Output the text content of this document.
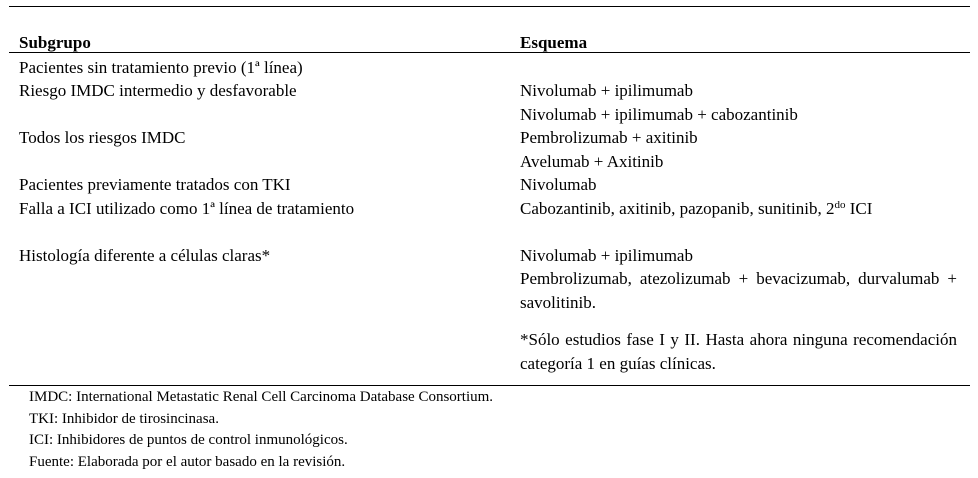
Subgrupo	Esquema
Pacientes sin tratamiento previo (1ª línea)
Riesgo IMDC intermedio y desfavorable	Nivolumab + ipilimumab
Nivolumab + ipilimumab + cabozantinib
Todos los riesgos IMDC	Pembrolizumab + axitinib
Avelumab + Axitinib
Pacientes previamente tratados con TKI	Nivolumab
Falla a ICI utilizado como 1ª línea de tratamiento	Cabozantinib, axitinib, pazopanib, sunitinib, $2^{do}$ ICI
Histología diferente a células claras*	Nivolumab + ipilimumab
Pembrolizumab, atezolizumab + bevacizumab, durvalumab + savolitinib.
*Sólo estudios fase I y II. Hasta ahora ninguna recomendación categoría 1 en guías clínicas.
IMDC: International Metastatic Renal Cell Carcinoma Database Consortium.
TKI: Inhibidor de tirosincinasa.
ICI: Inhibidores de puntos de control inmunológicos.
Fuente: Elaborada por el autor basado en la revisión.
